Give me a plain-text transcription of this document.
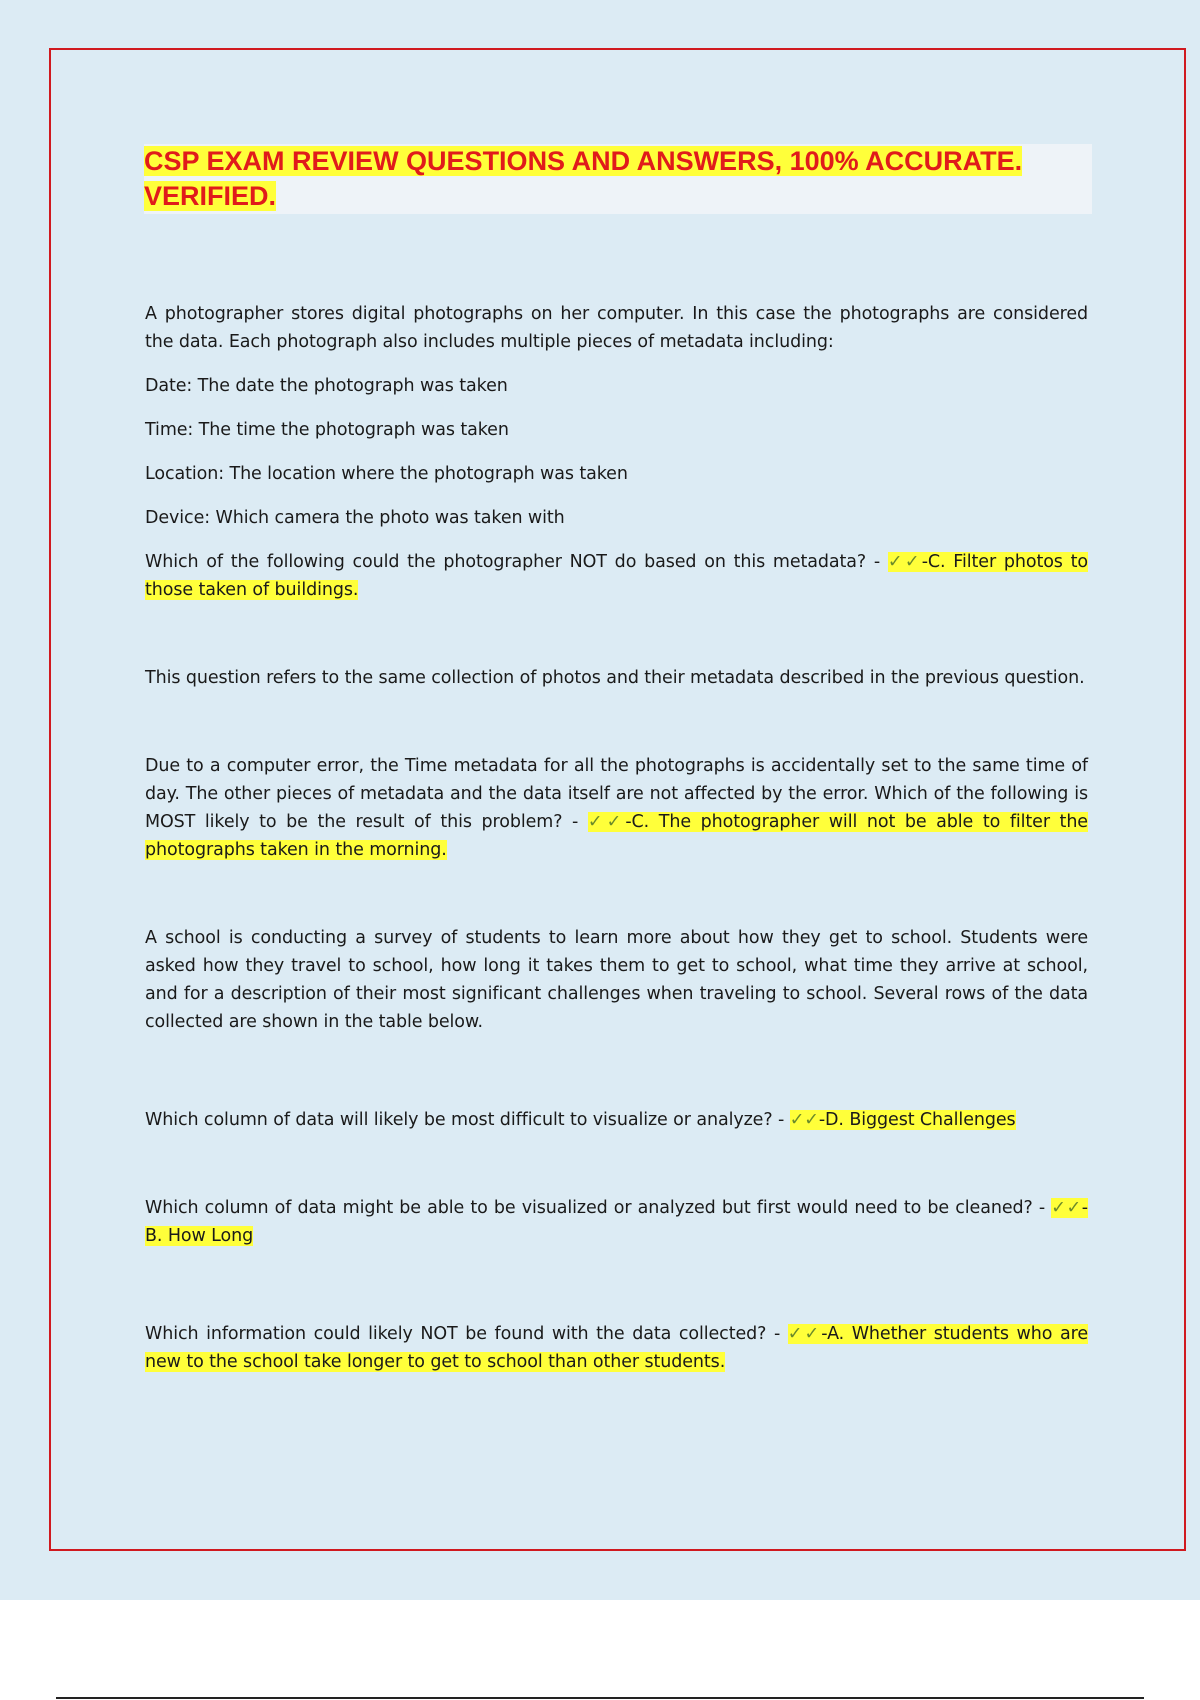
CSP EXAM REVIEW QUESTIONS AND ANSWERS, 100% ACCURATE. VERIFIED.

A photographer stores digital photographs on her computer. In this case the photographs are considered the data. Each photograph also includes multiple pieces of metadata including:

Date: The date the photograph was taken

Time: The time the photograph was taken

Location: The location where the photograph was taken

Device: Which camera the photo was taken with

Which of the following could the photographer NOT do based on this metadata? - ✓✓-C. Filter photos to those taken of buildings.

This question refers to the same collection of photos and their metadata described in the previous question.

Due to a computer error, the Time metadata for all the photographs is accidentally set to the same time of day. The other pieces of metadata and the data itself are not affected by the error. Which of the following is MOST likely to be the result of this problem? - ✓✓-C. The photographer will not be able to filter the photographs taken in the morning.

A school is conducting a survey of students to learn more about how they get to school. Students were asked how they travel to school, how long it takes them to get to school, what time they arrive at school, and for a description of their most significant challenges when traveling to school. Several rows of the data collected are shown in the table below.

Which column of data will likely be most difficult to visualize or analyze? - ✓✓-D. Biggest Challenges

Which column of data might be able to be visualized or analyzed but first would need to be cleaned? - ✓✓-B. How Long

Which information could likely NOT be found with the data collected? - ✓✓-A. Whether students who are new to the school take longer to get to school than other students.
